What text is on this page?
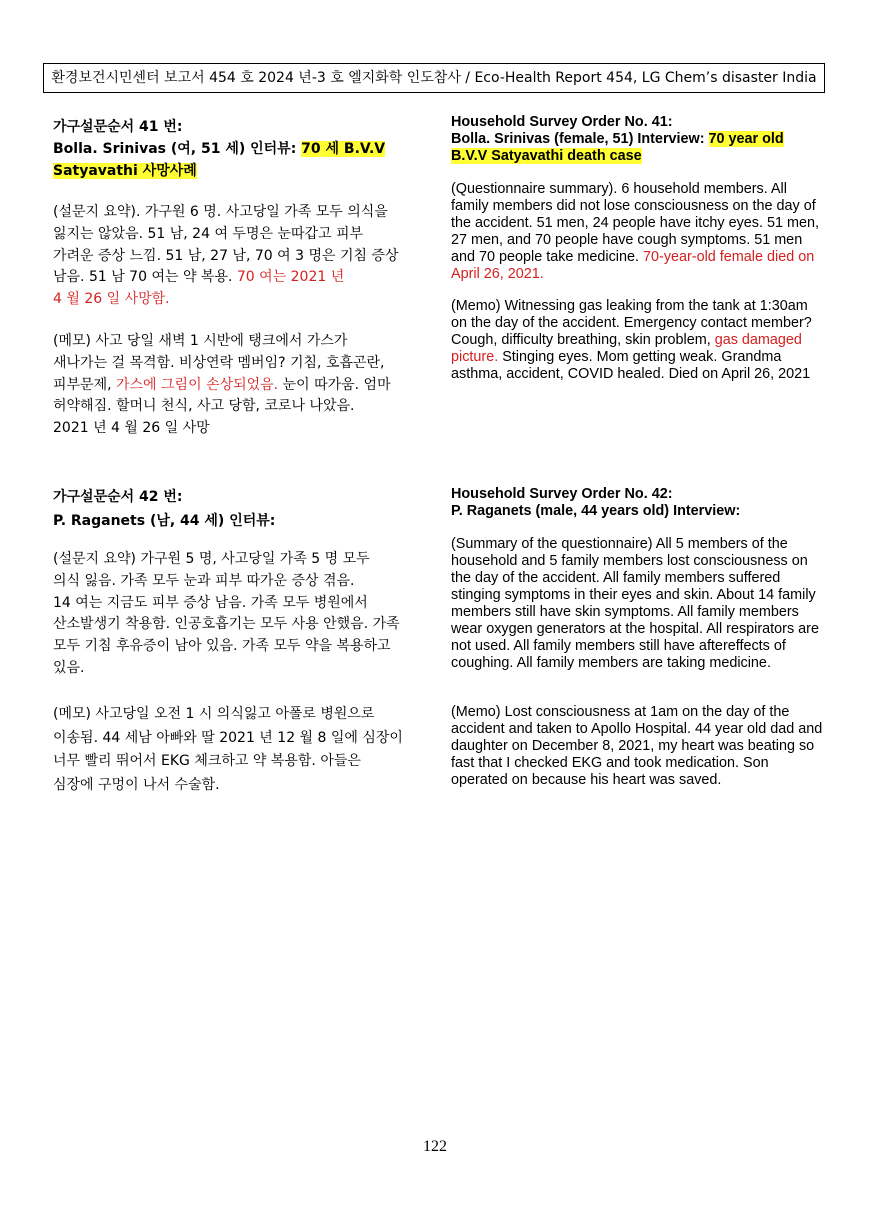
환경보건시민센터 보고서 454 호 2024 년-3 호 엘지화학 인도참사 / Eco-Health Report 454, LG Chem’s disaster India

가구설문순서 41 번:

Bolla. Srinivas (여, 51 세) 인터뷰: 70 세 B.V.V

Satyavathi 사망사례

(설문지 요약). 가구원 6 명. 사고당일 가족 모두 의식을

잃지는 않았음. 51 남, 24 여 두명은 눈따갑고 피부

가려운 증상 느낌. 51 남, 27 남, 70 여 3 명은 기침 증상

남음. 51 남 70 여는 약 복용. 70 여는 2021 년

4 월 26 일 사망함.

(메모) 사고 당일 새벽 1 시반에 탱크에서 가스가

새나가는 걸 목격함. 비상연락 멤버임? 기침, 호흡곤란,

피부문제, 가스에 그림이 손상되었음. 눈이 따가움. 엄마

허약해짐. 할머니 천식, 사고 당함, 코로나 나았음.

2021 년 4 월 26 일 사망

Household Survey Order No. 41:

Bolla. Srinivas (female, 51) Interview: 70 year old

B.V.V Satyavathi death case

(Questionnaire summary). 6 household members. All family members did not lose consciousness on the day of the accident. 51 men, 24 people have itchy eyes. 51 men, 27 men, and 70 people have cough symptoms. 51 men and 70 people take medicine. 70-year-old female died on April 26, 2021.

(Memo) Witnessing gas leaking from the tank at 1:30am on the day of the accident. Emergency contact member? Cough, difficulty breathing, skin problem, gas damaged picture. Stinging eyes. Mom getting weak. Grandma asthma, accident, COVID healed. Died on April 26, 2021

가구설문순서 42 번:

P. Raganets (남, 44 세) 인터뷰:

(설문지 요약) 가구원 5 명, 사고당일 가족 5 명 모두

의식 잃음. 가족 모두 눈과 피부 따가운 증상 겪음.

14 여는 지금도 피부 증상 남음. 가족 모두 병원에서

산소발생기 착용함. 인공호흡기는 모두 사용 안했음. 가족

모두 기침 후유증이 남아 있음. 가족 모두 약을 복용하고

있음.

(메모) 사고당일 오전 1 시 의식잃고 아폴로 병원으로

이송됨. 44 세남 아빠와 딸 2021 년 12 월 8 일에 심장이

너무 빨리 뛰어서 EKG 체크하고 약 복용함. 아들은

심장에 구멍이 나서 수술함.

Household Survey Order No. 42:

P. Raganets (male, 44 years old) Interview:

(Summary of the questionnaire) All 5 members of the household and 5 family members lost consciousness on the day of the accident. All family members suffered stinging symptoms in their eyes and skin. About 14 family members still have skin symptoms. All family members wear oxygen generators at the hospital. All respirators are not used. All family members still have aftereffects of coughing. All family members are taking medicine.

(Memo) Lost consciousness at 1am on the day of the accident and taken to Apollo Hospital. 44 year old dad and daughter on December 8, 2021, my heart was beating so fast that I checked EKG and took medication. Son operated on because his heart was saved.

122
